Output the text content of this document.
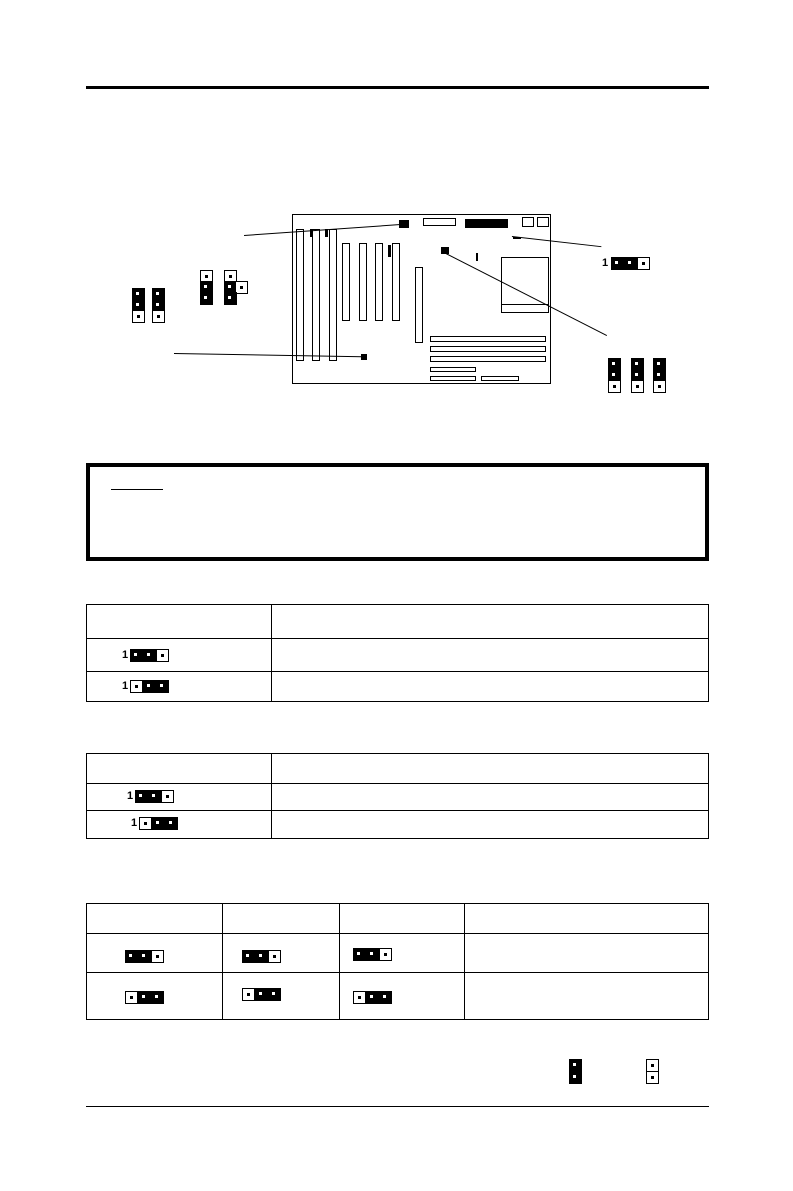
1
1
1
1
1
